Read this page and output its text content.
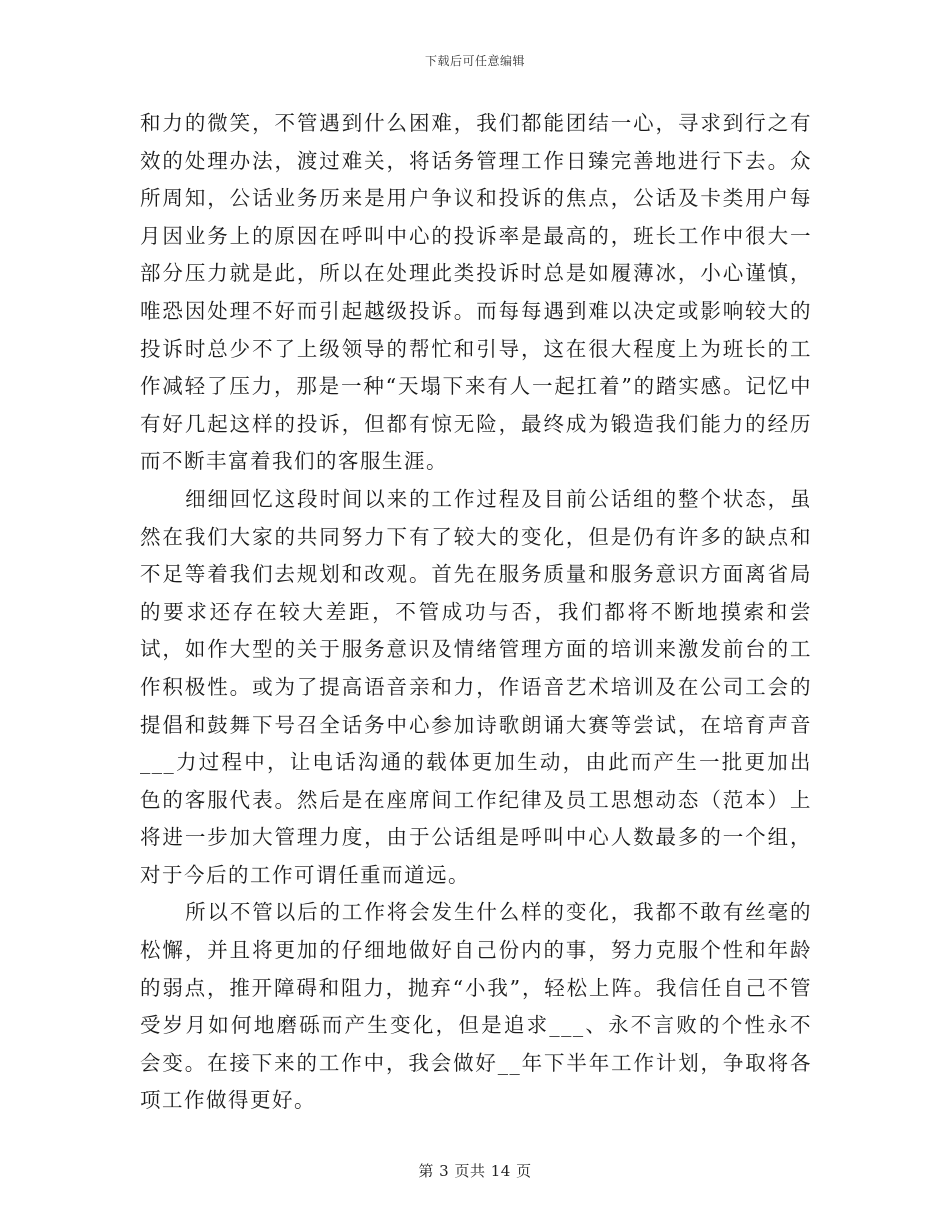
下载后可任意编辑

和力的微笑，不管遇到什么困难，我们都能团结一心，寻求到行之有效的处理办法，渡过难关，将话务管理工作日臻完善地进行下去。众所周知，公话业务历来是用户争议和投诉的焦点，公话及卡类用户每月因业务上的原因在呼叫中心的投诉率是最高的，班长工作中很大一部分压力就是此，所以在处理此类投诉时总是如履薄冰，小心谨慎，唯恐因处理不好而引起越级投诉。而每每遇到难以决定或影响较大的投诉时总少不了上级领导的帮忙和引导，这在很大程度上为班长的工作减轻了压力，那是一种“天塌下来有人一起扛着”的踏实感。记忆中有好几起这样的投诉，但都有惊无险，最终成为锻造我们能力的经历而不断丰富着我们的客服生涯。

细细回忆这段时间以来的工作过程及目前公话组的整个状态，虽然在我们大家的共同努力下有了较大的变化，但是仍有许多的缺点和不足等着我们去规划和改观。首先在服务质量和服务意识方面离省局的要求还存在较大差距，不管成功与否，我们都将不断地摸索和尝试，如作大型的关于服务意识及情绪管理方面的培训来激发前台的工作积极性。或为了提高语音亲和力，作语音艺术培训及在公司工会的提倡和鼓舞下号召全话务中心参加诗歌朗诵大赛等尝试，在培育声音___力过程中，让电话沟通的载体更加生动，由此而产生一批更加出色的客服代表。然后是在座席间工作纪律及员工思想动态（范本）上将进一步加大管理力度，由于公话组是呼叫中心人数最多的一个组，对于今后的工作可谓任重而道远。

所以不管以后的工作将会发生什么样的变化，我都不敢有丝毫的松懈，并且将更加的仔细地做好自己份内的事，努力克服个性和年龄的弱点，推开障碍和阻力，抛弃“小我”，轻松上阵。我信任自己不管受岁月如何地磨砾而产生变化，但是追求___、永不言败的个性永不会变。在接下来的工作中，我会做好__年下半年工作计划，争取将各项工作做得更好。

第 3 页共 14 页
